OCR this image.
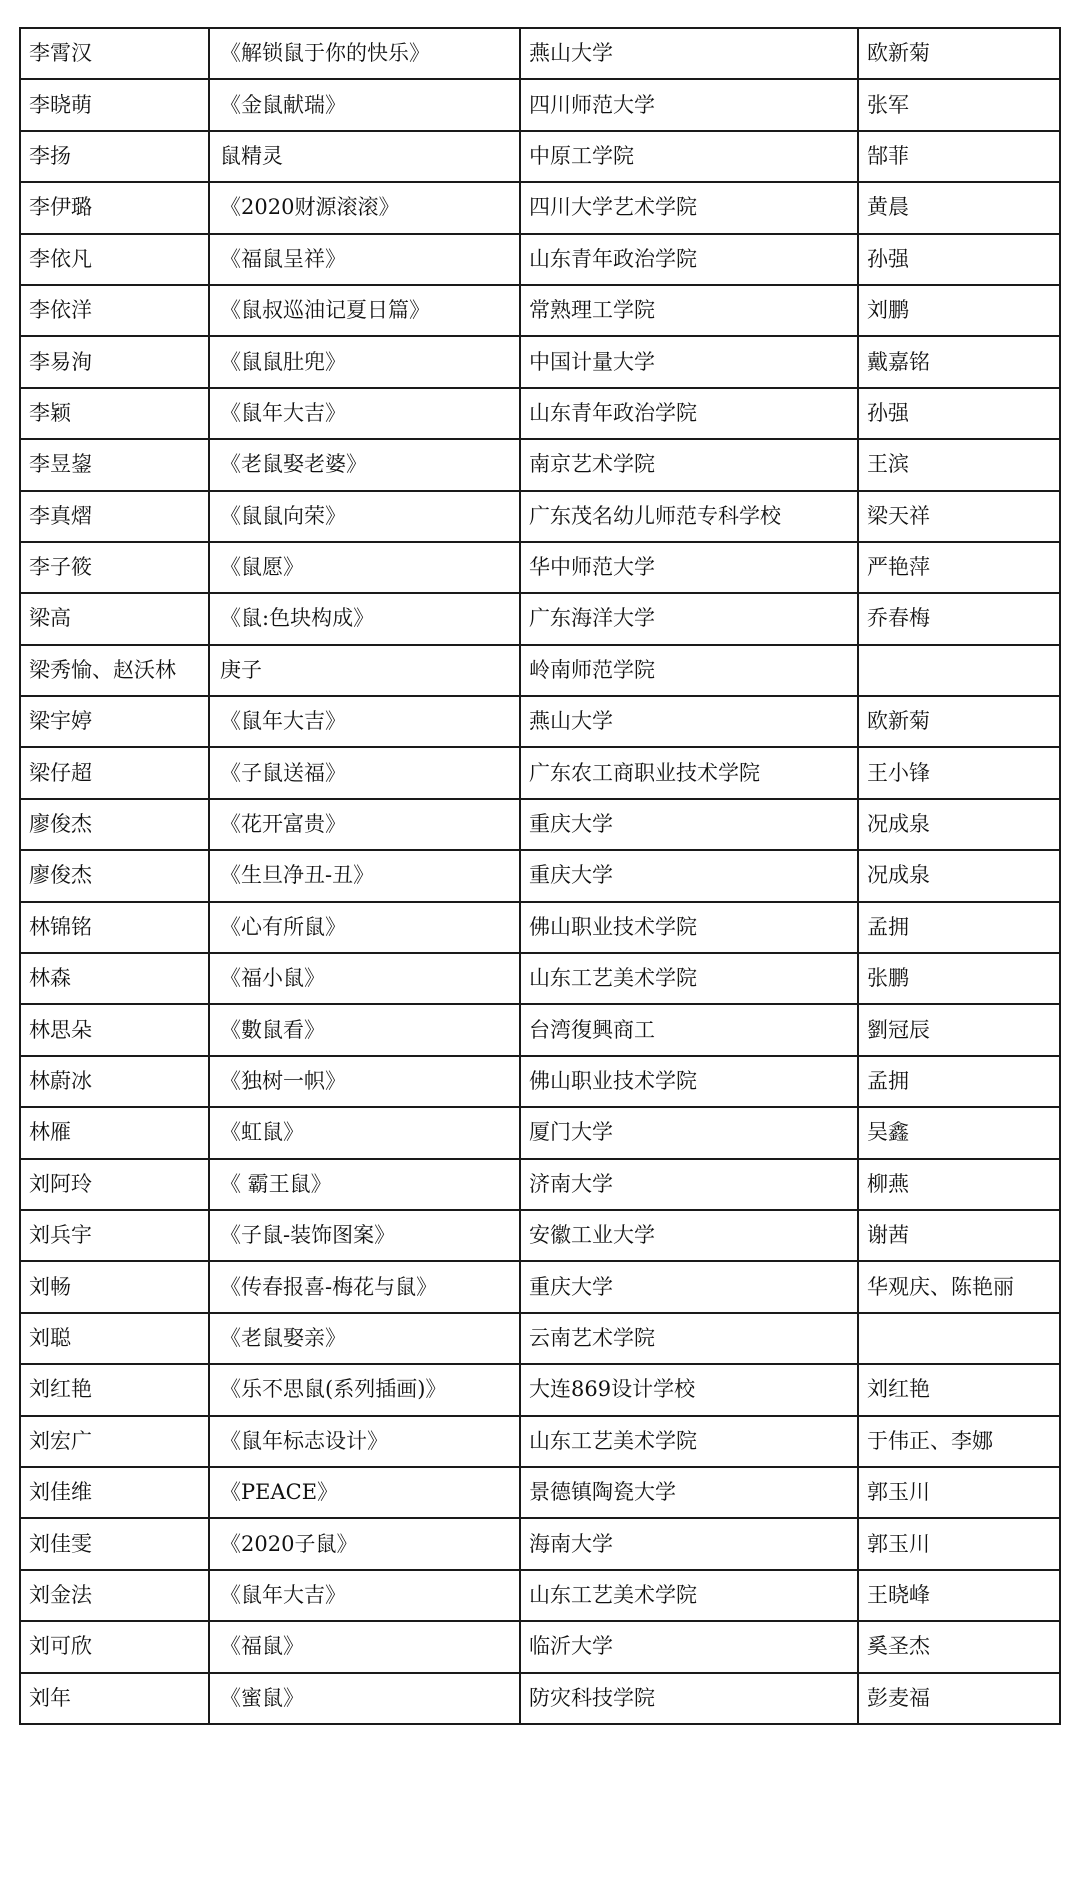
李霄汉	《解锁鼠于你的快乐》	燕山大学	欧新菊
李晓萌	《金鼠献瑞》	四川师范大学	张军
李扬	鼠精灵	中原工学院	郜菲
李伊璐	《2020财源滚滚》	四川大学艺术学院	黄晨
李依凡	《福鼠呈祥》	山东青年政治学院	孙强
李依洋	《鼠叔巡油记夏日篇》	常熟理工学院	刘鹏
李易洵	《鼠鼠肚兜》	中国计量大学	戴嘉铭
李颖	《鼠年大吉》	山东青年政治学院	孙强
李昱鋆	《老鼠娶老婆》	南京艺术学院	王滨
李真熠	《鼠鼠向荣》	广东茂名幼儿师范专科学校	梁天祥
李子筱	《鼠愿》	华中师范大学	严艳萍
梁高	《鼠:色块构成》	广东海洋大学	乔春梅
梁秀愉、赵沃林	庚子	岭南师范学院	
梁宇婷	《鼠年大吉》	燕山大学	欧新菊
梁仔超	《子鼠送福》	广东农工商职业技术学院	王小锋
廖俊杰	《花开富贵》	重庆大学	况成泉
廖俊杰	《生旦净丑-丑》	重庆大学	况成泉
林锦铭	《心有所鼠》	佛山职业技术学院	孟拥
林森	《福小鼠》	山东工艺美术学院	张鹏
林思朵	《數鼠看》	台湾復興商工	劉冠辰
林蔚冰	《独树一帜》	佛山职业技术学院	孟拥
林雁	《虹鼠》	厦门大学	吴鑫
刘阿玲	《 霸王鼠》	济南大学	柳燕
刘兵宇	《子鼠-装饰图案》	安徽工业大学	谢茜
刘畅	《传春报喜-梅花与鼠》	重庆大学	华观庆、陈艳丽
刘聪	《老鼠娶亲》	云南艺术学院	
刘红艳	《乐不思鼠(系列插画)》	大连869设计学校	刘红艳
刘宏广	《鼠年标志设计》	山东工艺美术学院	于伟正、李娜
刘佳维	《PEACE》	景德镇陶瓷大学	郭玉川
刘佳雯	《2020子鼠》	海南大学	郭玉川
刘金法	《鼠年大吉》	山东工艺美术学院	王晓峰
刘可欣	《福鼠》	临沂大学	奚圣杰
刘年	《蜜鼠》	防灾科技学院	彭麦福
